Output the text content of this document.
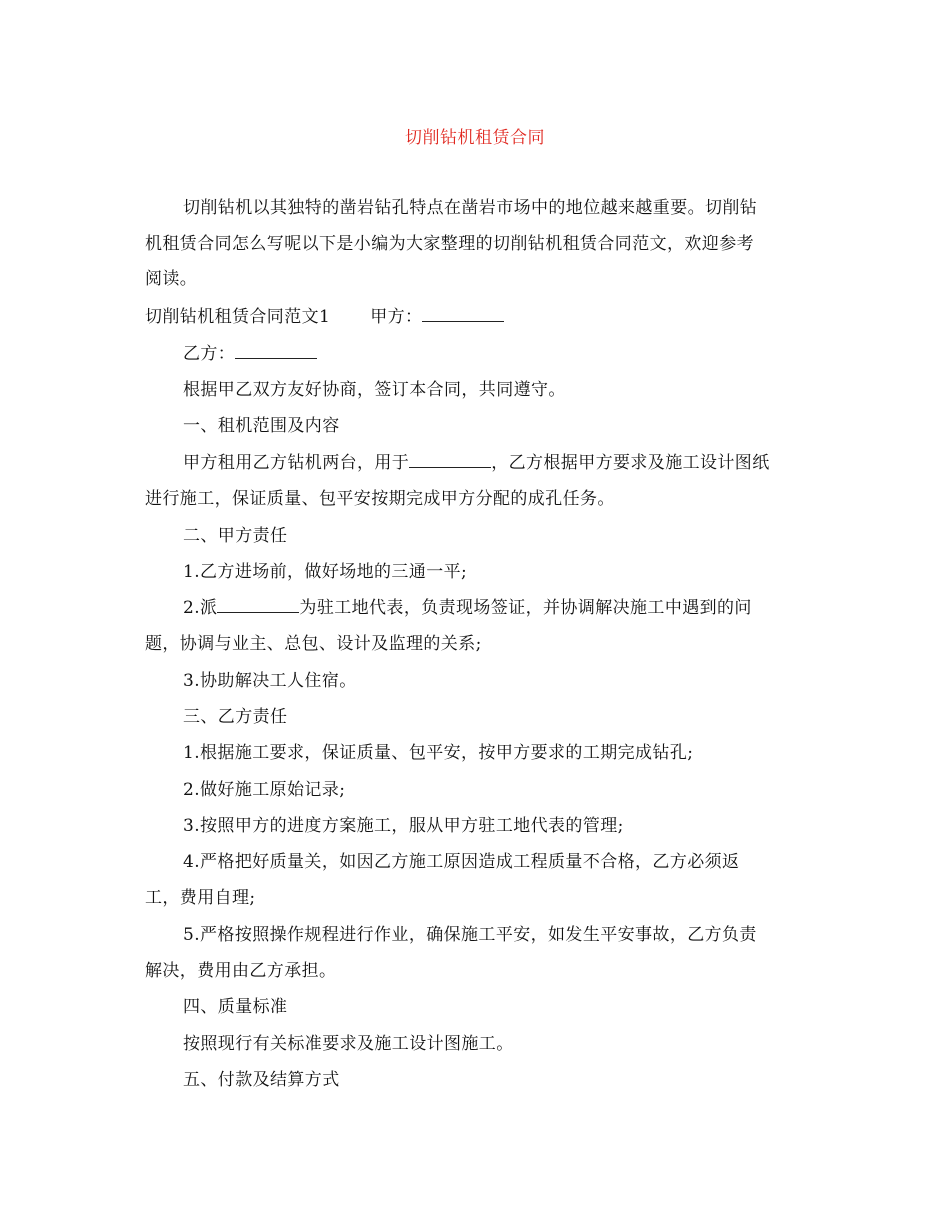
切削钻机租赁合同
切削钻机以其独特的凿岩钻孔特点在凿岩市场中的地位越来越重要。切削钻
机租赁合同怎么写呢以下是小编为大家整理的切削钻机租赁合同范文，欢迎参考
阅读。
切削钻机租赁合同范文1 甲方：
乙方：
根据甲乙双方友好协商，签订本合同，共同遵守。
一、租机范围及内容
甲方租用乙方钻机两台，用于	，乙方根据甲方要求及施工设计图纸
进行施工，保证质量、包平安按期完成甲方分配的成孔任务。
二、甲方责任
1.乙方进场前，做好场地的三通一平;
2.派	为驻工地代表，负责现场签证，并协调解决施工中遇到的问
题，协调与业主、总包、设计及监理的关系;
3.协助解决工人住宿。
三、乙方责任
1.根据施工要求，保证质量、包平安，按甲方要求的工期完成钻孔;
2.做好施工原始记录;
3.按照甲方的进度方案施工，服从甲方驻工地代表的管理;
4.严格把好质量关，如因乙方施工原因造成工程质量不合格，乙方必须返
工，费用自理;
5.严格按照操作规程进行作业，确保施工平安，如发生平安事故，乙方负责
解决，费用由乙方承担。
四、质量标准
按照现行有关标准要求及施工设计图施工。
五、付款及结算方式
